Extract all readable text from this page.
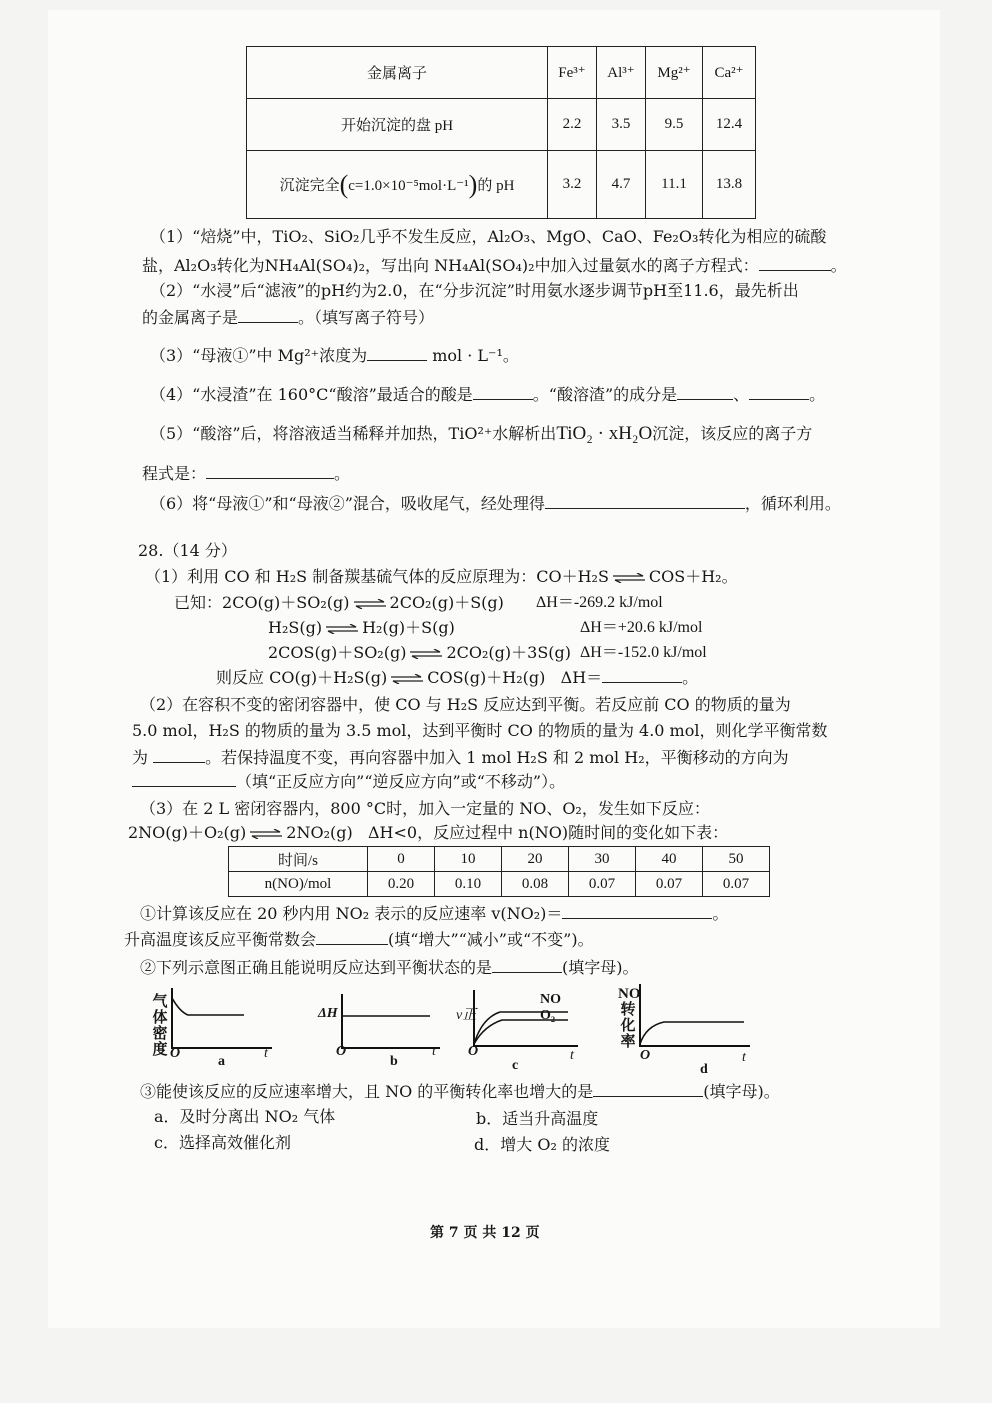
金属离子	Fe³⁺	Al³⁺	Mg²⁺	Ca²⁺
开始沉淀的盘 pH	2.2	3.5	9.5	12.4
沉淀完全(c=1.0×10⁻⁵mol·L⁻¹)的 pH	3.2	4.7	11.1	13.8
（1）“焙烧”中，TiO₂、SiO₂几乎不发生反应，Al₂O₃、MgO、CaO、Fe₂O₃转化为相应的硫酸
盐，Al₂O₃转化为NH₄Al(SO₄)₂，写出向 NH₄Al(SO₄)₂中加入过量氨水的离子方程式：	。
（2）“水浸”后“滤液”的pH约为2.0，在“分步沉淀”时用氨水逐步调节pH至11.6，最先析出
的金属离子是	。（填写离子符号）
（3）“母液①”中 Mg²⁺浓度为	mol · L⁻¹。
（4）“水浸渣”在 160°C“酸溶”最适合的酸是	。“酸溶渣”的成分是	、	。
（5）“酸溶”后，将溶液适当稀释并加热，TiO²⁺水解析出TiO₂ · xH₂O沉淀，该反应的离子方
程式是：	。
（6）将“母液①”和“母液②”混合，吸收尾气，经处理得	，循环利用。
28.（14 分）
（1）利用 CO 和 H₂S 制备羰基硫气体的反应原理为：CO＋H₂S ⇌ COS＋H₂。
已知：2CO(g)＋SO₂(g) ⇌ 2CO₂(g)＋S(g) ΔH＝-269.2 kJ/mol
H₂S(g) ⇌ H₂(g)＋S(g)	ΔH＝+20.6 kJ/mol
2COS(g)＋SO₂(g) ⇌ 2CO₂(g)＋3S(g) ΔH＝-152.0 kJ/mol
则反应 CO(g)＋H₂S(g) ⇌ COS(g)＋H₂(g) ΔH＝	。
（2）在容积不变的密闭容器中，使 CO 与 H₂S 反应达到平衡。若反应前 CO 的物质的量为
5.0 mol，H₂S 的物质的量为 3.5 mol，达到平衡时 CO 的物质的量为 4.0 mol，则化学平衡常数
为	。若保持温度不变，再向容器中加入 1 mol H₂S 和 2 mol H₂，平衡移动的方向为
（填“正反应方向”“逆反应方向”或“不移动”）。
（3）在 2 L 密闭容器内，800 °C时，加入一定量的 NO、O₂，发生如下反应：
2NO(g)＋O₂(g) ⇌ 2NO₂(g) ΔH<0，反应过程中 n(NO)随时间的变化如下表：
时间/s	0	10	20	30	40	50
n(NO)/mol	0.20	0.10	0.08	0.07	0.07	0.07
①计算该反应在 20 秒内用 NO₂ 表示的反应速率 v(NO₂)＝	。
升高温度该反应平衡常数会	(填“增大”“减小”或“不变”)。
②下列示意图正确且能说明反应达到平衡状态的是	(填字母)。
气体密度 O	t
a
ΔH
O	t
b
v正
NO
O₂
O	t
c
NO转化率
O	t
d
③能使该反应的反应速率增大，且 NO 的平衡转化率也增大的是	(填字母)。
a．及时分离出 NO₂ 气体	b．适当升高温度
c．选择高效催化剂	d．增大 O₂ 的浓度
第 7 页 共 12 页
